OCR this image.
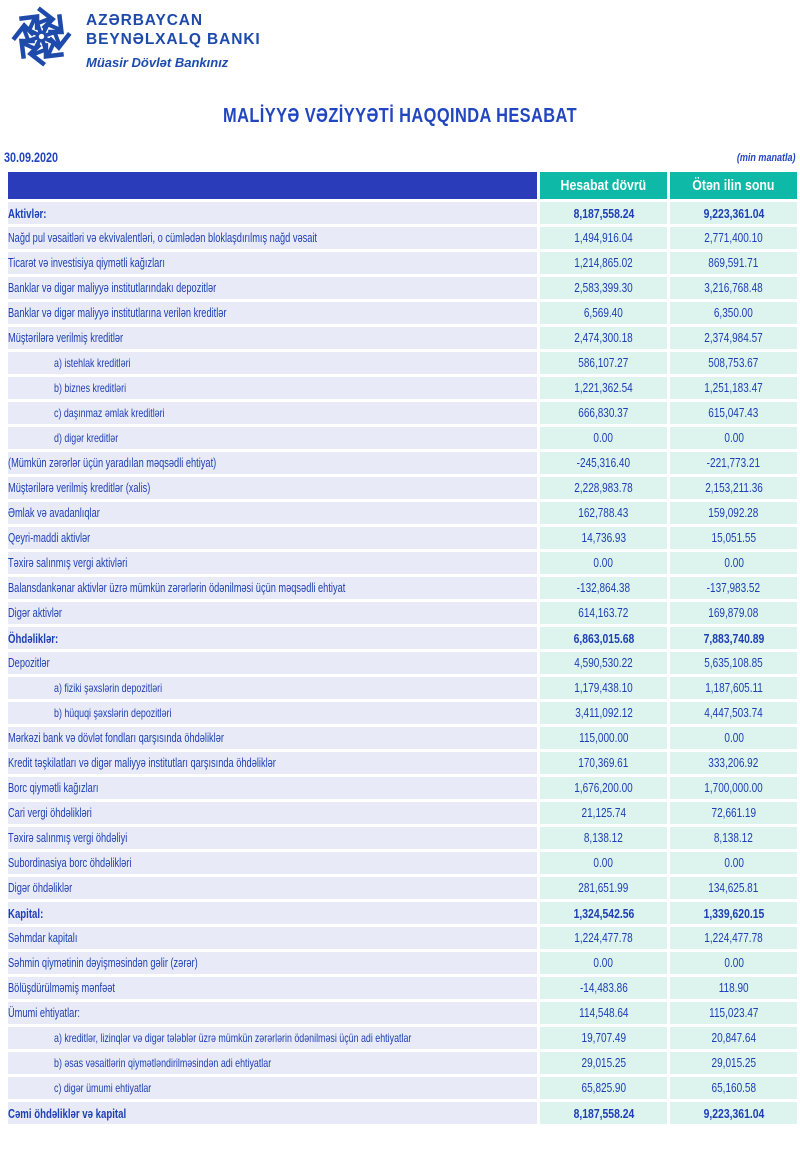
AZƏRBAYCAN
BEYNƏLXALQ BANKI
Müasir Dövlət Bankınız
MALİYYƏ VƏZİYYƏTİ HAQQINDA HESABAT
30.09.2020	(min manatla)
	Hesabat dövrü	Ötən ilin sonu
Aktivlər:	8,187,558.24	9,223,361.04
Nağd pul vəsaitləri və ekvivalentləri, o cümlədən bloklaşdırılmış nağd vəsait	1,494,916.04	2,771,400.10
Ticarət və investisiya qiymətli kağızları	1,214,865.02	869,591.71
Banklar və digər maliyyə institutlarındakı depozitlər	2,583,399.30	3,216,768.48
Banklar və digər maliyyə institutlarına verilən kreditlər	6,569.40	6,350.00
Müştərilərə verilmiş kreditlər	2,474,300.18	2,374,984.57
a) istehlak kreditləri	586,107.27	508,753.67
b) biznes kreditləri	1,221,362.54	1,251,183.47
c) daşınmaz əmlak kreditləri	666,830.37	615,047.43
d) digər kreditlər	0.00	0.00
(Mümkün zərərlər üçün yaradılan məqsədli ehtiyat)	-245,316.40	-221,773.21
Müştərilərə verilmiş kreditlər (xalis)	2,228,983.78	2,153,211.36
Əmlak və avadanlıqlar	162,788.43	159,092.28
Qeyri-maddi aktivlər	14,736.93	15,051.55
Təxirə salınmış vergi aktivləri	0.00	0.00
Balansdankənar aktivlər üzrə mümkün zərərlərin ödənilməsi üçün məqsədli ehtiyat	-132,864.38	-137,983.52
Digər aktivlər	614,163.72	169,879.08
Öhdəliklər:	6,863,015.68	7,883,740.89
Depozitlər	4,590,530.22	5,635,108.85
a) fiziki şəxslərin depozitləri	1,179,438.10	1,187,605.11
b) hüquqi şəxslərin depozitləri	3,411,092.12	4,447,503.74
Mərkəzi bank və dövlət fondları qarşısında öhdəliklər	115,000.00	0.00
Kredit təşkilatları və digər maliyyə institutları qarşısında öhdəliklər	170,369.61	333,206.92
Borc qiymətli kağızları	1,676,200.00	1,700,000.00
Cari vergi öhdəlikləri	21,125.74	72,661.19
Təxirə salınmış vergi öhdəliyi	8,138.12	8,138.12
Subordinasiya borc öhdəlikləri	0.00	0.00
Digər öhdəliklər	281,651.99	134,625.81
Kapital:	1,324,542.56	1,339,620.15
Səhmdar kapitalı	1,224,477.78	1,224,477.78
Səhmin qiymətinin dəyişməsindən gəlir (zərər)	0.00	0.00
Bölüşdürülməmiş mənfəət	-14,483.86	118.90
Ümumi ehtiyatlar:	114,548.64	115,023.47
a) kreditlər, lizinqlər və digər tələblər üzrə mümkün zərərlərin ödənilməsi üçün adi ehtiyatlar	19,707.49	20,847.64
b) əsas vəsaitlərin qiymətləndirilməsindən adi ehtiyatlar	29,015.25	29,015.25
c) digər ümumi ehtiyatlar	65,825.90	65,160.58
Cəmi öhdəliklər və kapital	8,187,558.24	9,223,361.04
